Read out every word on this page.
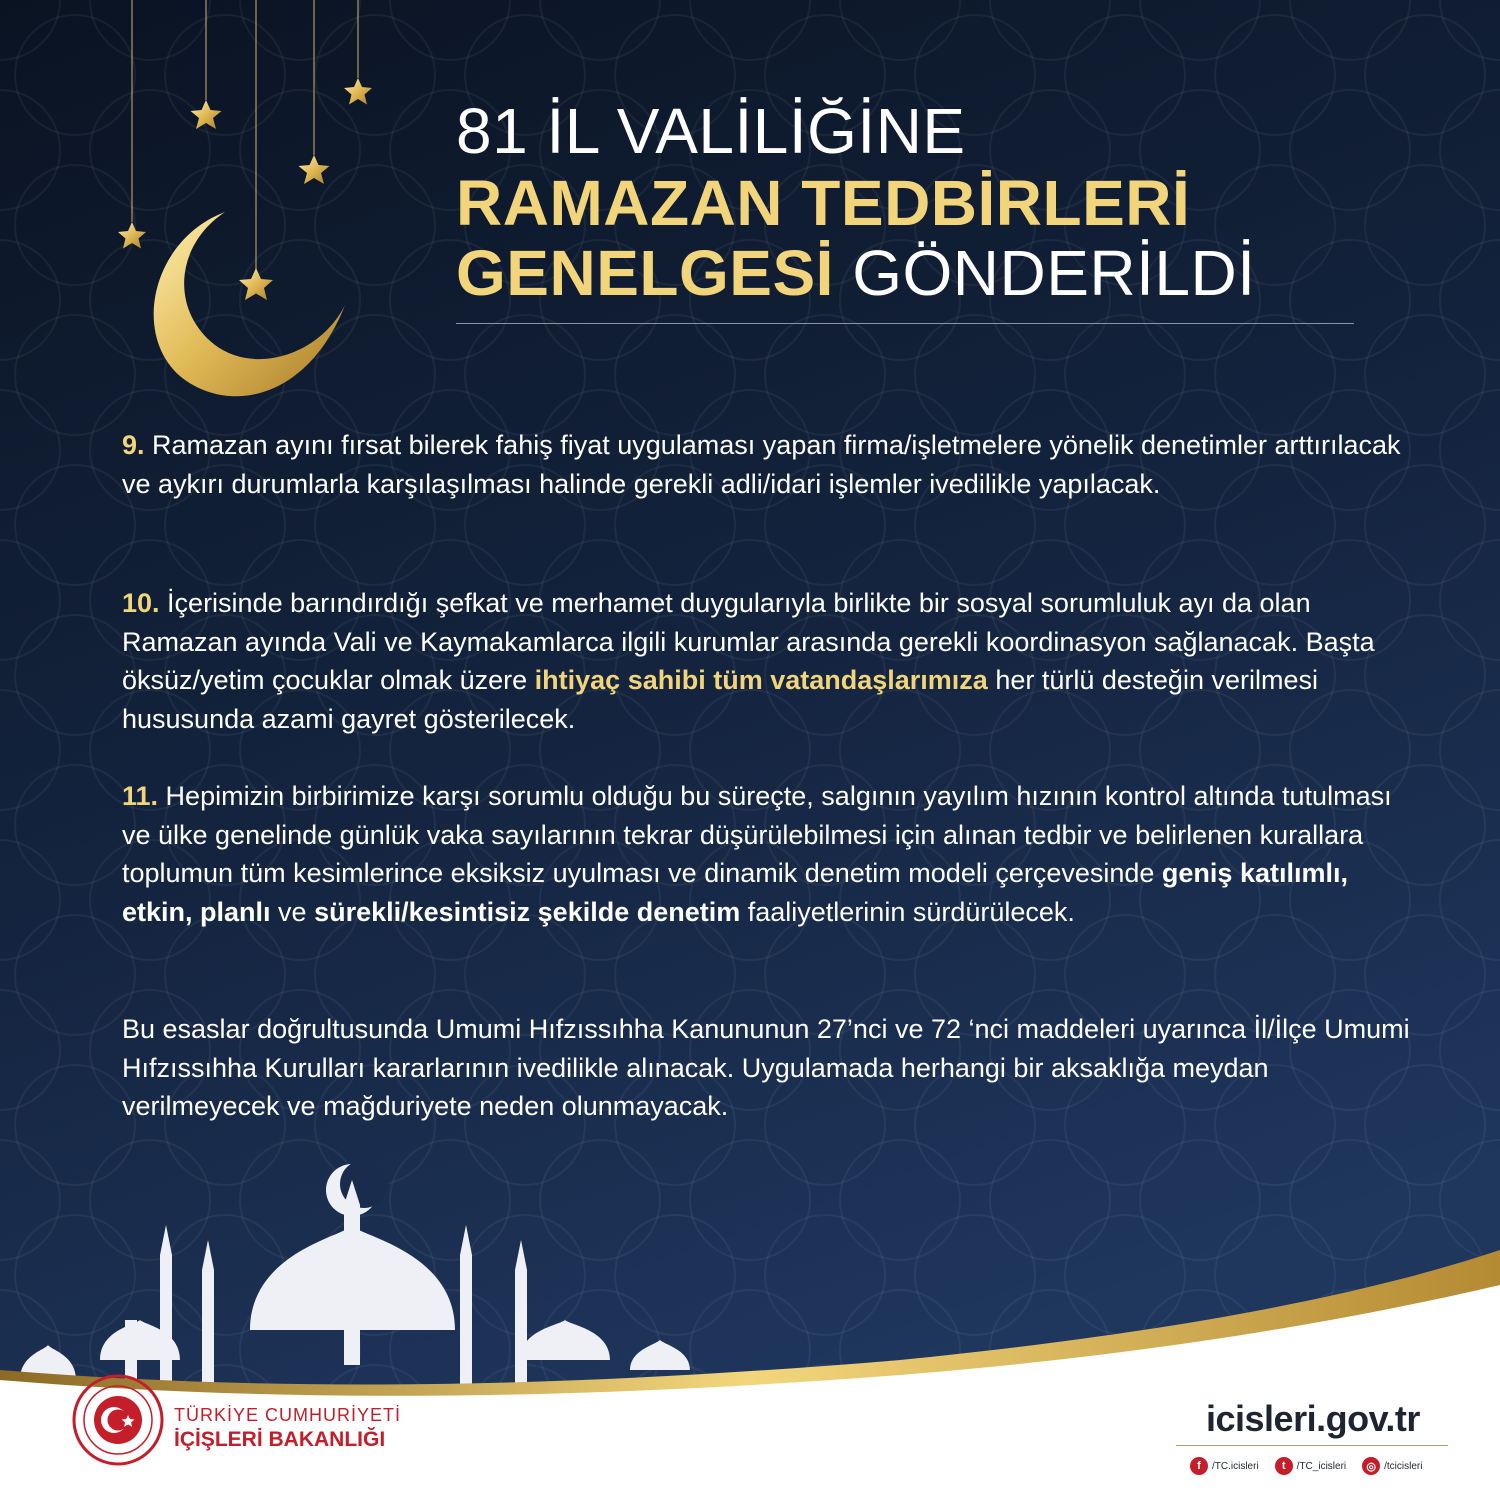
81 İL VALİLİĞİNE
RAMAZAN TEDBİRLERİ
GENELGESİ GÖNDERİLDİ

9. Ramazan ayını fırsat bilerek fahiş fiyat uygulaması yapan firma/işletmelere yönelik denetimler arttırılacak ve aykırı durumlarla karşılaşılması halinde gerekli adli/idari işlemler ivedilikle yapılacak.

10. İçerisinde barındırdığı şefkat ve merhamet duygularıyla birlikte bir sosyal sorumluluk ayı da olan Ramazan ayında Vali ve Kaymakamlarca ilgili kurumlar arasında gerekli koordinasyon sağlanacak. Başta öksüz/yetim çocuklar olmak üzere ihtiyaç sahibi tüm vatandaşlarımıza her türlü desteğin verilmesi hususunda azami gayret gösterilecek.

11. Hepimizin birbirimize karşı sorumlu olduğu bu süreçte, salgının yayılım hızının kontrol altında tutulması ve ülke genelinde günlük vaka sayılarının tekrar düşürülebilmesi için alınan tedbir ve belirlenen kurallara toplumun tüm kesimlerince eksiksiz uyulması ve dinamik denetim modeli çerçevesinde geniş katılımlı, etkin, planlı ve sürekli/kesintisiz şekilde denetim faaliyetlerinin sürdürülecek.

Bu esaslar doğrultusunda Umumi Hıfzıssıhha Kanununun 27’nci ve 72 ‘nci maddeleri uyarınca İl/İlçe Umumi Hıfzıssıhha Kurulları kararlarının ivedilikle alınacak. Uygulamada herhangi bir aksaklığa meydan verilmeyecek ve mağduriyete neden olunmayacak.

TÜRKİYE CUMHURİYETİ
İÇİŞLERİ BAKANLIĞI
icisleri.gov.tr
f	/TC.icisleri	t	/TC_icisleri	◎ /tcicisleri
